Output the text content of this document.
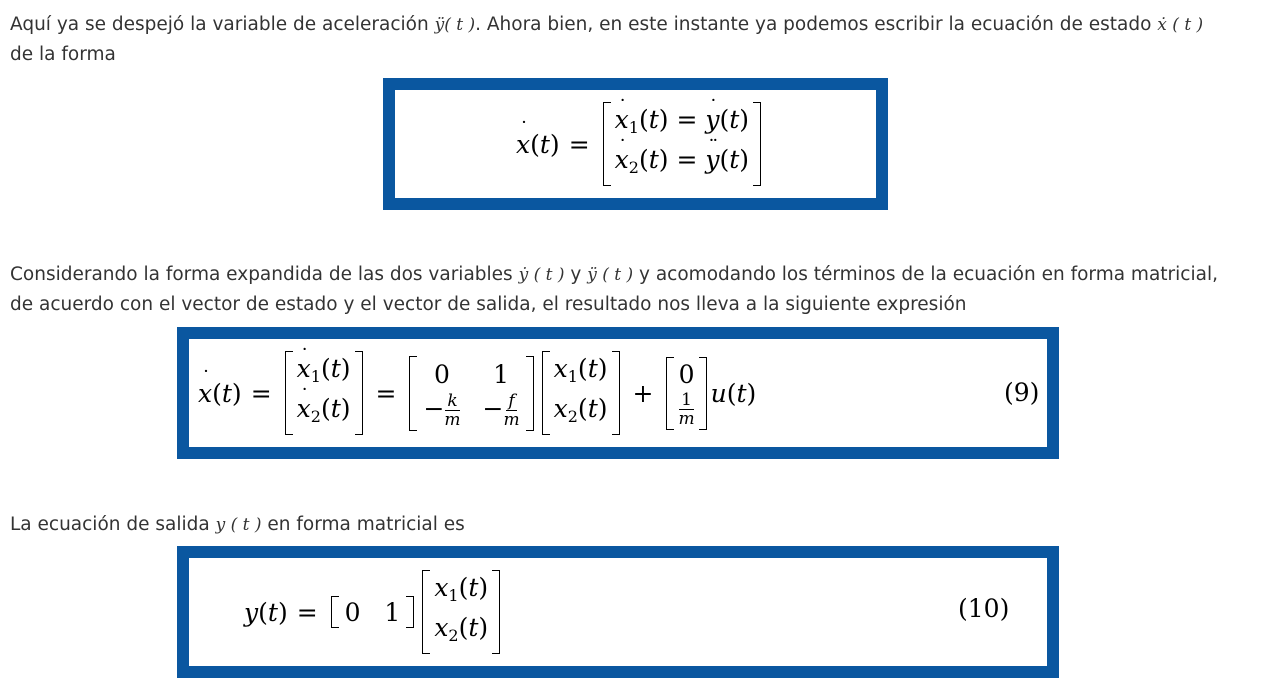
Aquí ya se despejó la variable de aceleración ÿ( t ). Ahora bien, en este instante ya podemos escribir la ecuación de estado ẋ ( t )
de la forma

˙ x ( t ) =
˙ $x_1(t)$ = ˙ y(t)
˙ $x_2(t)$ = ¨ y(t)

Considerando la forma expandida de las dos variables ẏ ( t ) y ÿ ( t ) y acomodando los términos de la ecuación en forma matricial,
de acuerdo con el vector de estado y el vector de salida, el resultado nos lleva a la siguiente expresión

˙ x ( t ) =
˙ $x_1(t)$
˙ $x_2(t)$
=
0	1
− $\frac{k}{m} - \frac{f}{m}$
$x_1(t)$
$x_2(t)$
+
0
$\frac{1}{m}$ u ( t )	(9)

La ecuación de salida y ( t ) en forma matricial es

y ( t ) = 0   1
$x_1(t)$
$x_2(t)$
(10)
